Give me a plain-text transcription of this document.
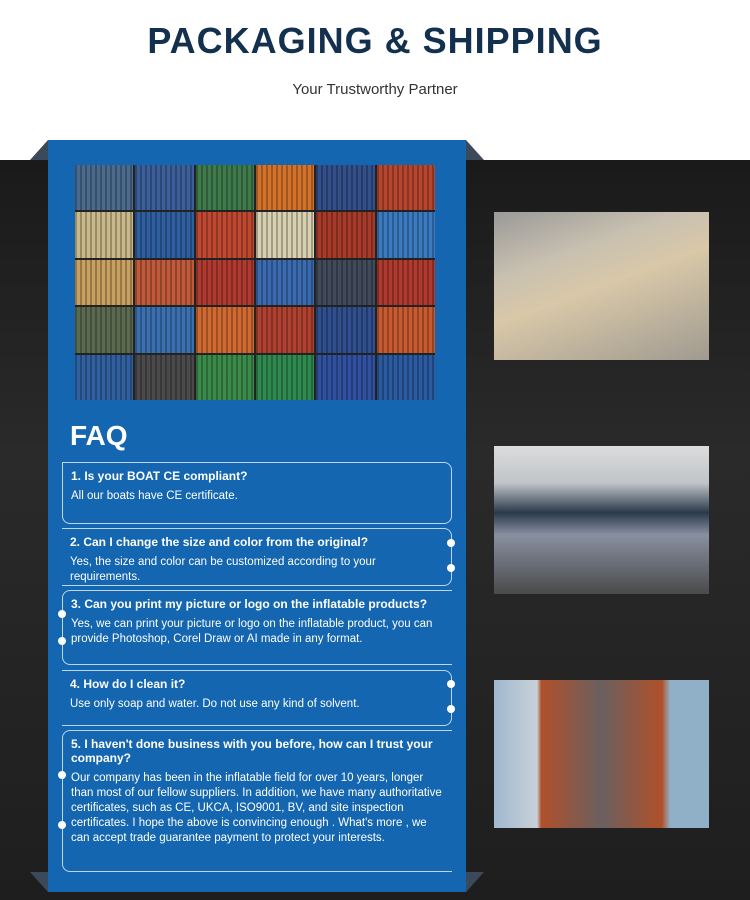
PACKAGING & SHIPPING
Your Trustworthy Partner
FAQ
1. Is your BOAT CE compliant?
All our boats have CE certificate.
2. Can I change the size and color from the original?
Yes, the size and color can be customized according to your requirements.
3. Can you print my picture or logo on the inflatable products?
Yes, we can print your picture or logo on the inflatable product, you can provide Photoshop, Corel Draw or AI made in any format.
4. How do I clean it?
Use only soap and water. Do not use any kind of solvent.
5. I haven't done business with you before, how can I trust your company?
Our company has been in the inflatable field for over 10 years, longer than most of our fellow suppliers. In addition, we have many authoritative certificates, such as CE, UKCA, ISO9001, BV, and site inspection certificates. I hope the above is convincing enough . What's more , we can accept trade guarantee payment to protect your interests.
